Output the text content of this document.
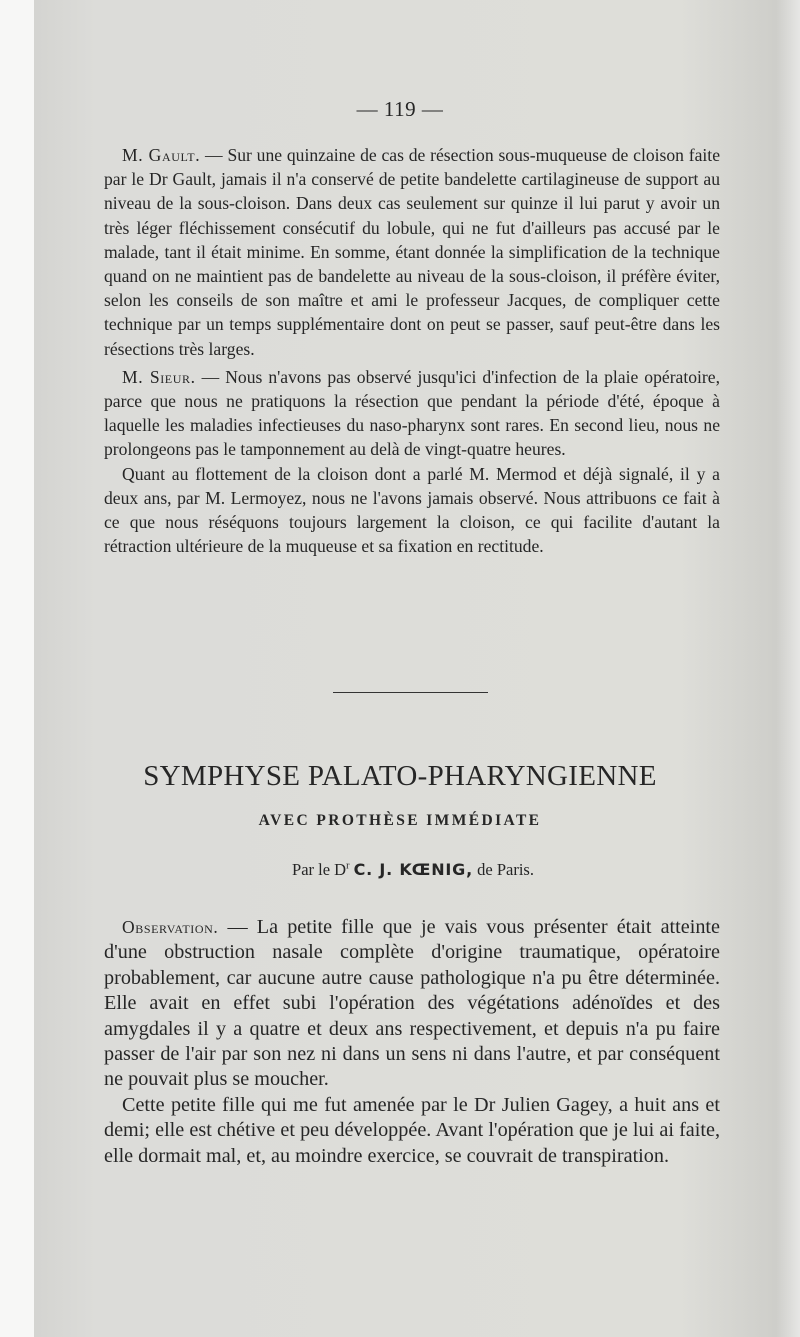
— 119 —

M. Gault. — Sur une quinzaine de cas de résection sous-muqueuse de cloison faite par le Dr Gault, jamais il n'a conservé de petite bandelette cartilagineuse de support au niveau de la sous-cloison. Dans deux cas seulement sur quinze il lui parut y avoir un très léger fléchissement consécutif du lobule, qui ne fut d'ailleurs pas accusé par le malade, tant il était minime. En somme, étant donnée la simplification de la technique quand on ne maintient pas de bandelette au niveau de la sous-cloison, il préfère éviter, selon les conseils de son maître et ami le professeur Jacques, de compliquer cette technique par un temps supplémentaire dont on peut se passer, sauf peut-être dans les résections très larges.

M. Sieur. — Nous n'avons pas observé jusqu'ici d'infection de la plaie opératoire, parce que nous ne pratiquons la résection que pendant la période d'été, époque à laquelle les maladies infectieuses du naso-pharynx sont rares. En second lieu, nous ne prolongeons pas le tamponnement au delà de vingt-quatre heures.

Quant au flottement de la cloison dont a parlé M. Mermod et déjà signalé, il y a deux ans, par M. Lermoyez, nous ne l'avons jamais observé. Nous attribuons ce fait à ce que nous réséquons toujours largement la cloison, ce qui facilite d'autant la rétraction ultérieure de la muqueuse et sa fixation en rectitude.

SYMPHYSE PALATO-PHARYNGIENNE
AVEC PROTHÈSE IMMÉDIATE
Par le $D^r$ C. J. KŒNIG, de Paris.

Observation. — La petite fille que je vais vous présenter était atteinte d'une obstruction nasale complète d'origine traumatique, opératoire probablement, car aucune autre cause pathologique n'a pu être déterminée. Elle avait en effet subi l'opération des végétations adénoïdes et des amygdales il y a quatre et deux ans respectivement, et depuis n'a pu faire passer de l'air par son nez ni dans un sens ni dans l'autre, et par conséquent ne pouvait plus se moucher.

Cette petite fille qui me fut amenée par le Dr Julien Gagey, a huit ans et demi; elle est chétive et peu développée. Avant l'opération que je lui ai faite, elle dormait mal, et, au moindre exercice, se couvrait de transpiration.
